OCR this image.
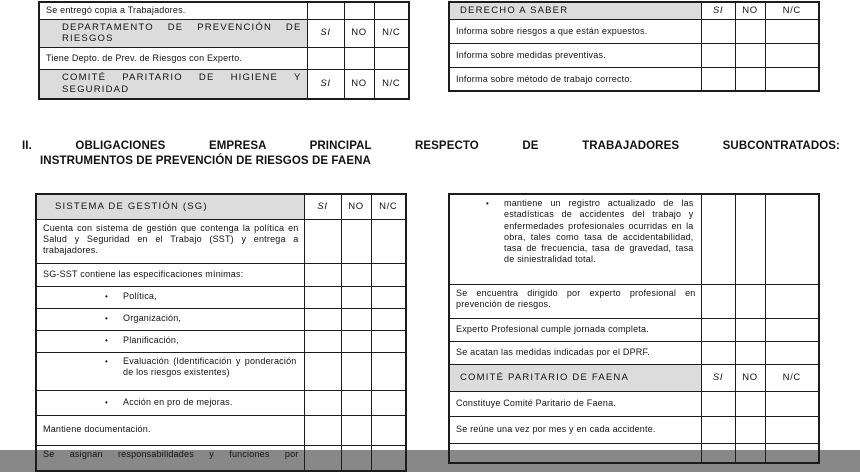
Se entregó copia a Trabajadores.			
DEPARTAMENTO DE PREVENCIÓN DE RIESGOS	SI	NO	N/C
Tiene Depto. de Prev. de Riesgos con Experto.			
COMITÉ PARITARIO DE HIGIENE Y SEGURIDAD	SI	NO	N/C
DERECHO A SABER	SI	NO	N/C
Informa sobre riesgos a que están expuestos.			
Informa sobre medidas preventivas.			
Informa sobre método de trabajo correcto.			
II. OBLIGACIONES EMPRESA PRINCIPAL RESPECTO DE TRABAJADORES SUBCONTRATADOS:
INSTRUMENTOS DE PREVENCIÓN DE RIESGOS DE FAENA
SISTEMA DE GESTIÓN (SG)	SI	NO	N/C
Cuenta con sistema de gestión que contenga la política en Salud y Seguridad en el Trabajo (SST) y entrega a trabajadores.			
SG-SST contiene las especificaciones mínimas:			

• Política,			

• Organización,			

• Planificación,			

• Evaluación (Identificación y ponderación de los riesgos existentes)			

• Acción en pro de mejoras.			

Mantiene documentación.			
Se asignan responsabilidades y funciones por			
• mantiene un registro actualizado de las estadísticas de accidentes del trabajo y enfermedades profesionales ocurridas en la obra, tales como tasa de accidentabilidad, tasa de frecuencia, tasa de gravedad, tasa de siniestralidad total.			

Se encuentra dirigido por experto profesional en prevención de riesgos.			
Experto Profesional cumple jornada completa.			
Se acatan las medidas indicadas por el DPRF.			
COMITÉ PARITARIO DE FAENA	SI	NO	N/C
Constituye Comité Paritario de Faena.			
Se reúne una vez por mes y en cada accidente.			
